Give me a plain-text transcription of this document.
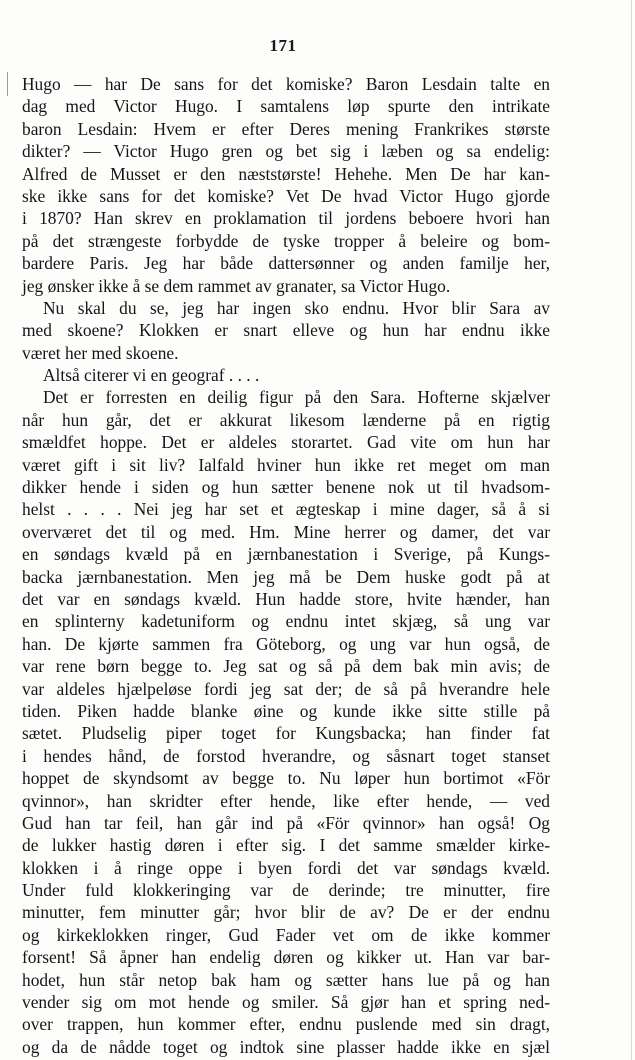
171
Hugo — har De sans for det komiske? Baron Lesdain talte en
dag med Victor Hugo. I samtalens løp spurte den intrikate
baron Lesdain: Hvem er efter Deres mening Frankrikes største
dikter? — Victor Hugo gren og bet sig i læben og sa endelig:
Alfred de Musset er den næststørste! Hehehe. Men De har kan-
ske ikke sans for det komiske? Vet De hvad Victor Hugo gjorde
i 1870? Han skrev en proklamation til jordens beboere hvori han
på det strængeste forbydde de tyske tropper å beleire og bom-
bardere Paris. Jeg har både dattersønner og anden familje her,
jeg ønsker ikke å se dem rammet av granater, sa Victor Hugo.
Nu skal du se, jeg har ingen sko endnu. Hvor blir Sara av
med skoene? Klokken er snart elleve og hun har endnu ikke
været her med skoene.
Altså citerer vi en geograf . . . .
Det er forresten en deilig figur på den Sara. Hofterne skjælver
når hun går, det er akkurat likesom lænderne på en rigtig
smældfet hoppe. Det er aldeles storartet. Gad vite om hun har
været gift i sit liv? Ialfald hviner hun ikke ret meget om man
dikker hende i siden og hun sætter benene nok ut til hvadsom-
helst . . . . Nei jeg har set et ægteskap i mine dager, så å si
overværet det til og med. Hm. Mine herrer og damer, det var
en søndags kvæld på en jærnbanestation i Sverige, på Kungs-
backa jærnbanestation. Men jeg må be Dem huske godt på at
det var en søndags kvæld. Hun hadde store, hvite hænder, han
en splinterny kadetuniform og endnu intet skjæg, så ung var
han. De kjørte sammen fra Göteborg, og ung var hun også, de
var rene børn begge to. Jeg sat og så på dem bak min avis; de
var aldeles hjælpeløse fordi jeg sat der; de så på hverandre hele
tiden. Piken hadde blanke øine og kunde ikke sitte stille på
sætet. Pludselig piper toget for Kungsbacka; han finder fat
i hendes hånd, de forstod hverandre, og såsnart toget stanset
hoppet de skyndsomt av begge to. Nu løper hun bortimot «För
qvinnor», han skridter efter hende, like efter hende, — ved
Gud han tar feil, han går ind på «För qvinnor» han også! Og
de lukker hastig døren i efter sig. I det samme smælder kirke-
klokken i å ringe oppe i byen fordi det var søndags kvæld.
Under fuld klokkeringing var de derinde; tre minutter, fire
minutter, fem minutter går; hvor blir de av? De er der endnu
og kirkeklokken ringer, Gud Fader vet om de ikke kommer
forsent! Så åpner han endelig døren og kikker ut. Han var bar-
hodet, hun står netop bak ham og sætter hans lue på og han
vender sig om mot hende og smiler. Så gjør han et spring ned-
over trappen, hun kommer efter, endnu puslende med sin dragt,
og da de nådde toget og indtok sine plasser hadde ikke en sjæl
